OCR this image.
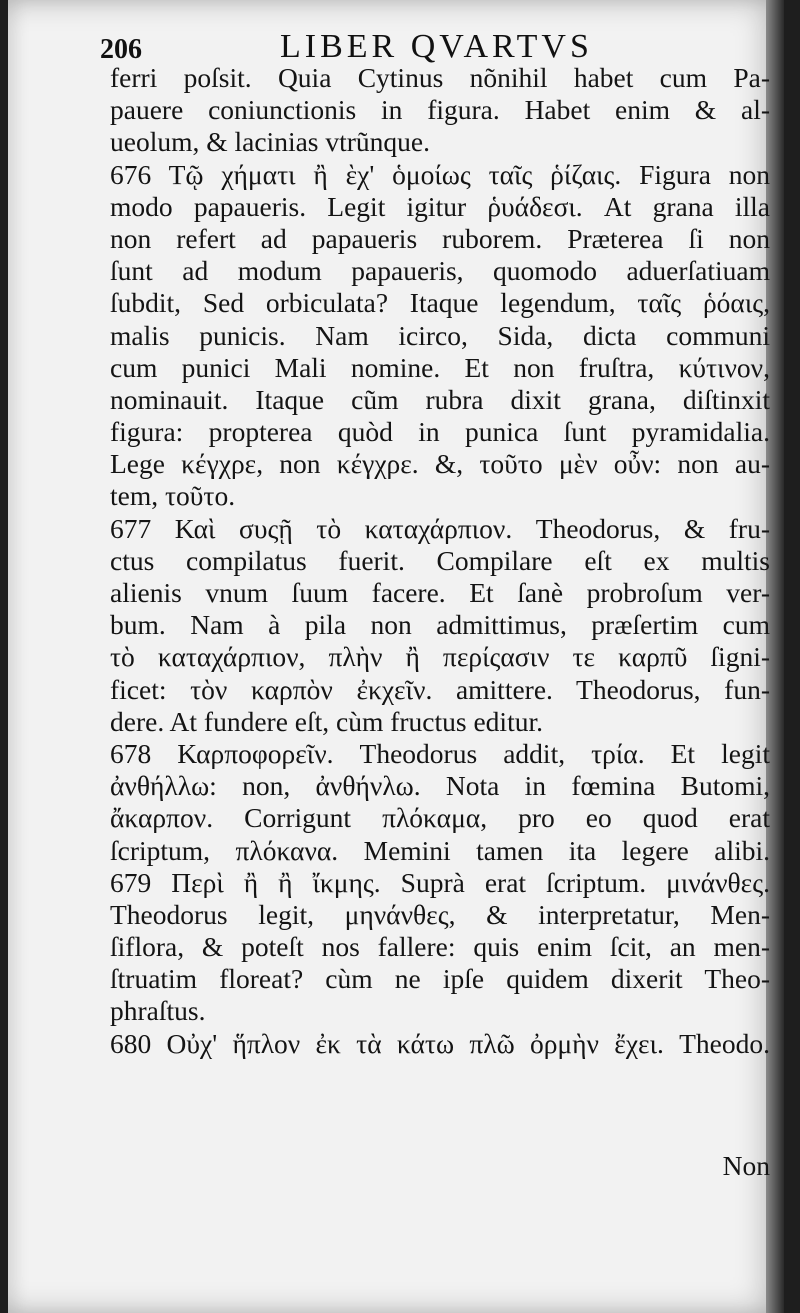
206	LIBER QVARTVS
ferri poſsit. Quia Cytinus nõnihil habet cum Pa-
pauere coniunctionis in figura. Habet enim & al-
ueolum, & lacinias vtrũnque.
676 Τῷ χήματι ἢ ὲχ' ὁμοίως ταῖς ῥίζαις. Figura non
modo papaueris. Legit igitur ῥυάδεσι. At grana illa
non refert ad papaueris ruborem. Præterea ſi non
ſunt ad modum papaueris, quomodo aduerſatiuam
ſubdit, Sed orbiculata? Itaque legendum, ταῖς ῥόαις,
malis punicis. Nam icirco, Sida, dicta communi
cum punici Mali nomine. Et non fruſtra, κύτινον,
nominauit. Itaque cũm rubra dixit grana, diſtinxit
figura: propterea quòd in punica ſunt pyramidalia.
Lege κέγχρε, non κέγχρε. &, τοῦτο μὲν οὖν: non au-
tem, τοῦτο.
677 Καὶ συςῇ τὸ καταχάρπιον. Theodorus, & fru-
ctus compilatus fuerit. Compilare eſt ex multis
alienis vnum ſuum facere. Et ſanè probroſum ver-
bum. Nam à pila non admittimus, præſertim cum
τὸ καταχάρπιον, πλὴν ἢ περίςασιν τε καρπῦ ſigni-
ficet: τὸν καρπὸν ἐκχεῖν. amittere. Theodorus, fun-
dere. At fundere eſt, cùm fructus editur.
678 Καρποφορεῖν. Theodorus addit, τρία. Et legit
ἀνθήλλω: non, ἀνθήνλω. Nota in fœmina Butomi,
ἄκαρπον. Corrigunt πλόκαμα, pro eo quod erat
ſcriptum, πλόκανα. Memini tamen ita legere alibi.
679 Περὶ ἢ ἢ ἴκμης. Suprà erat ſcriptum. μινάνθες.
Theodorus legit, μηνάνθες, & interpretatur, Men-
ſiflora, & poteſt nos fallere: quis enim ſcit, an men-
ſtruatim floreat? cùm ne ipſe quidem dixerit Theo-
phraſtus.
680 Οὐχ' ἥπλον ἐκ τὰ κάτω πλῶ ὀρμὴν ἔχει. Theodo.
Non
